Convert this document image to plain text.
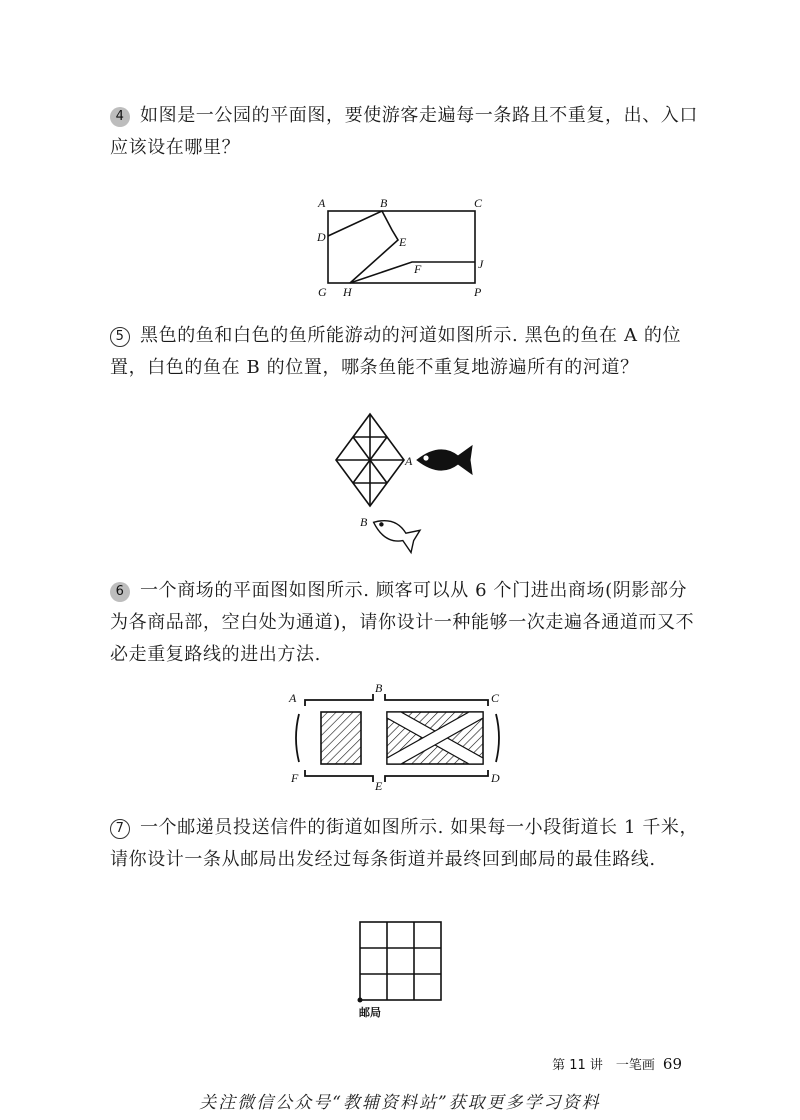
4 如图是一公园的平面图，要使游客走遍每一条路且不重复，出、入口应该设在哪里？
A	B	C
D	E
F
G H
J
P
5 黑色的鱼和白色的鱼所能游动的河道如图所示. 黑色的鱼在 A 的位置，白色的鱼在 B 的位置，哪条鱼能不重复地游遍所有的河道？
A
B
6 一个商场的平面图如图所示. 顾客可以从 6 个门进出商场(阴影部分为各商品部，空白处为通道)，请你设计一种能够一次走遍各通道而又不必走重复路线的进出方法.
A
B
C
D
E
F
7 一个邮递员投送信件的街道如图所示. 如果每一小段街道长 1 千米，请你设计一条从邮局出发经过每条街道并最终回到邮局的最佳路线.
邮局
第 11 讲　一笔画 69
关注微信公众号“教辅资料站”获取更多学习资料
